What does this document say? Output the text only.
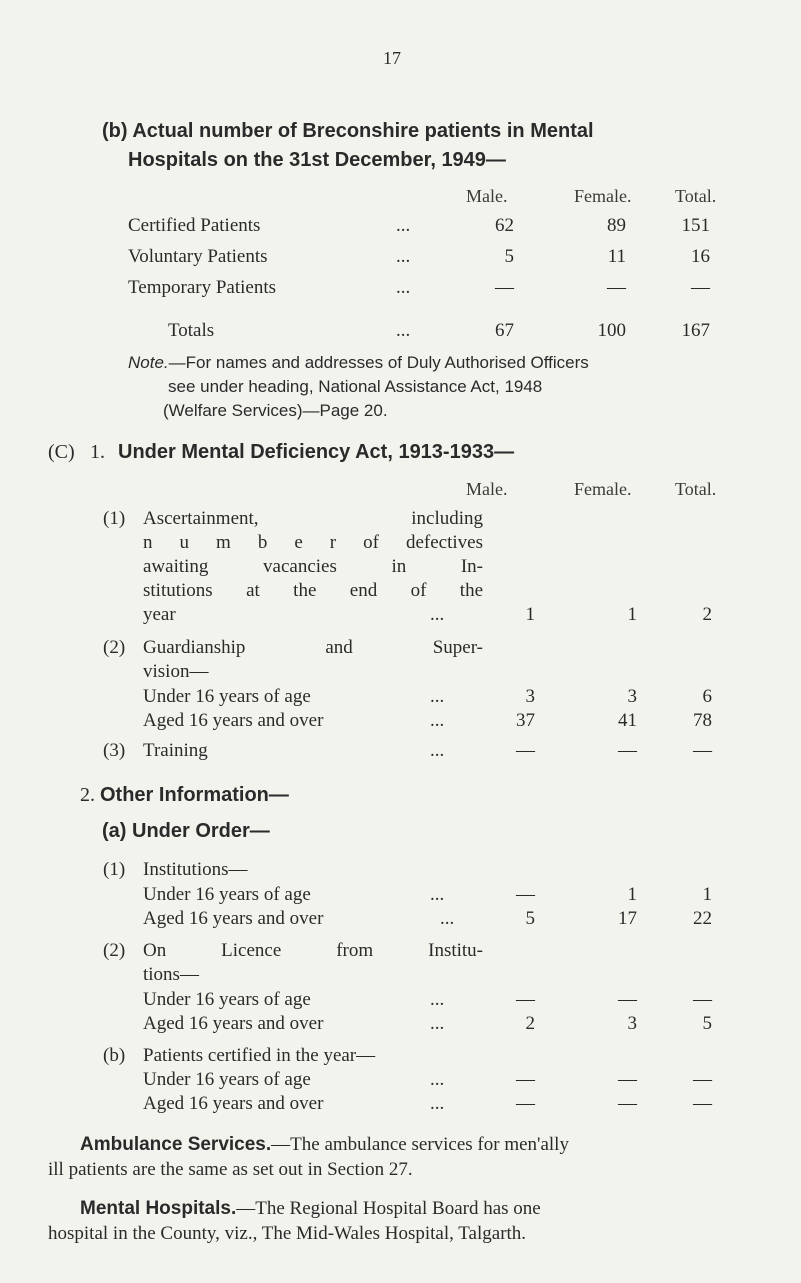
17
(b) Actual number of Breconshire patients in Mental
Hospitals on the 31st December, 1949—
Male.	Female. Total.
Certified Patients	...	62	89	151
Voluntary Patients	...	5	11	16
Temporary Patients	...	—	—	—
Totals	...	67	100	167
Note.—For names and addresses of Duly Authorised Officers
see under heading, National Assistance Act, 1948
(Welfare Services)—Page 20.
(C) 1. Under Mental Deficiency Act, 1913-1933—
Male.	Female. Total.
(1) Ascertainment, including
n u m b e r of defectives
awaiting vacancies in In-
stitutions at the end of the
year	...	1	1	2
(2) Guardianship and Super-
vision—
Under 16 years of age	...	3	3	6
Aged 16 years and over	...	37	41	78
(3) Training	...	—	—	—
2. Other Information—
(a) Under Order—
(1) Institutions—
Under 16 years of age	...	—	1	1
Aged 16 years and over	...	5	17	22
(2) On Licence from Institu-
tions—
Under 16 years of age	...	—	—	—
Aged 16 years and over	...	2	3	5
(b) Patients certified in the year—
Under 16 years of age	...	—	—	—
Aged 16 years and over	...	—	—	—
Ambulance Services.—The ambulance services for men'ally
ill patients are the same as set out in Section 27.
Mental Hospitals.—The Regional Hospital Board has one
hospital in the County, viz., The Mid-Wales Hospital, Talgarth.
